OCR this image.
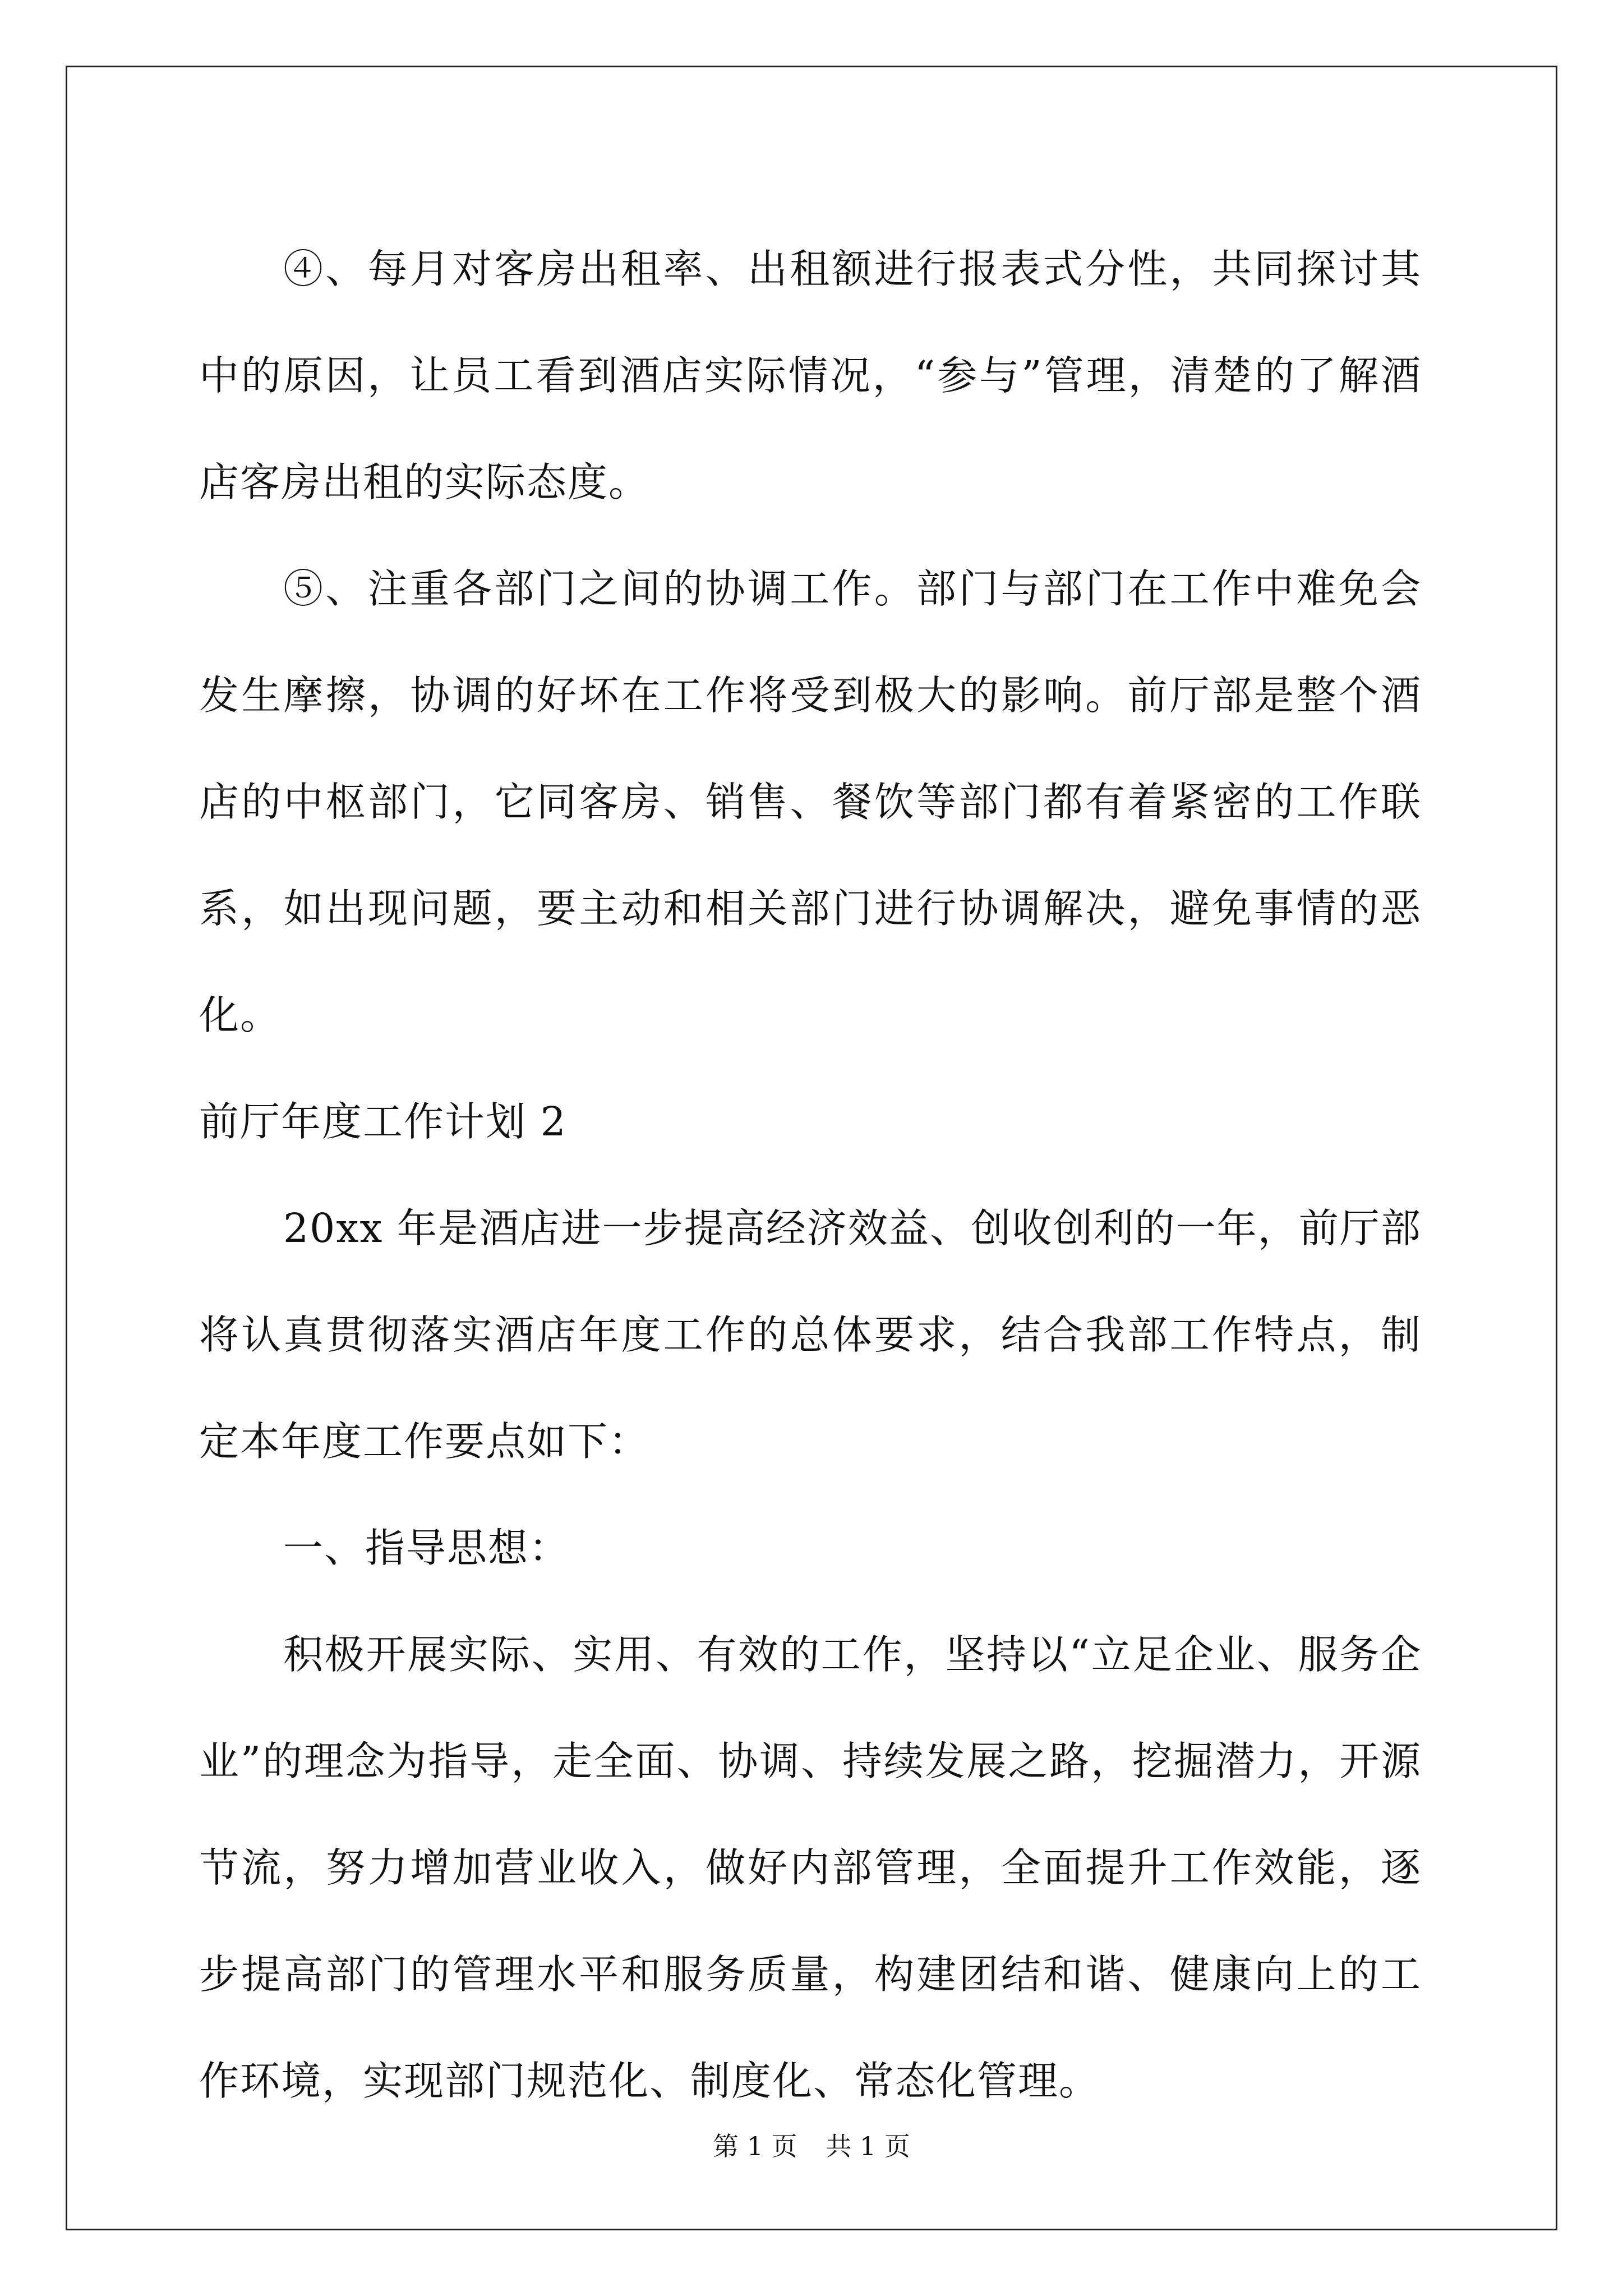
④、每月对客房出租率、出租额进行报表式分性，共同探讨其中的原因，让员工看到酒店实际情况，“参与”管理，清楚的了解酒店客房出租的实际态度。

⑤、注重各部门之间的协调工作。部门与部门在工作中难免会发生摩擦，协调的好坏在工作将受到极大的影响。前厅部是整个酒店的中枢部门，它同客房、销售、餐饮等部门都有着紧密的工作联系，如出现问题，要主动和相关部门进行协调解决，避免事情的恶化。

前厅年度工作计划 2

20xx 年是酒店进一步提高经济效益、创收创利的一年，前厅部将认真贯彻落实酒店年度工作的总体要求，结合我部工作特点，制定本年度工作要点如下：

一、指导思想：

积极开展实际、实用、有效的工作，坚持以“立足企业、服务企业”的理念为指导，走全面、协调、持续发展之路，挖掘潜力，开源节流，努力增加营业收入，做好内部管理，全面提升工作效能，逐步提高部门的管理水平和服务质量，构建团结和谐、健康向上的工作环境，实现部门规范化、制度化、常态化管理。

第 1 页 共 1 页
